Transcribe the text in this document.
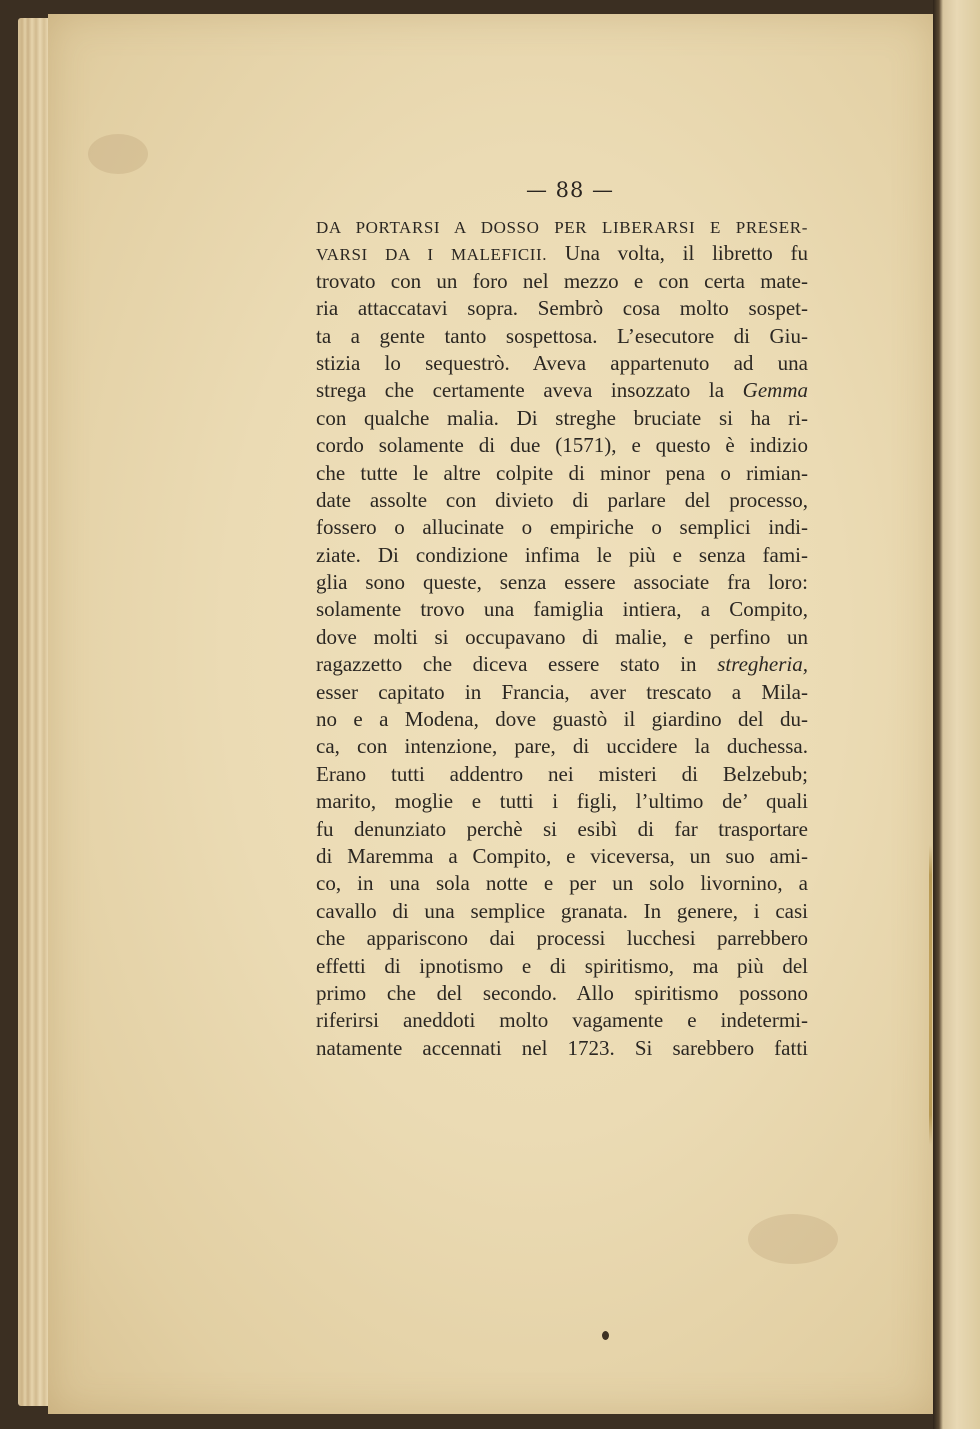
— 88 —
DA PORTARSI A DOSSO PER LIBERARSI E PRESER-
VARSI DA I MALEFICII. Una volta, il libretto fu
trovato con un foro nel mezzo e con certa mate-
ria attaccatavi sopra. Sembrò cosa molto sospet-
ta a gente tanto sospettosa. L’esecutore di Giu-
stizia lo sequestrò. Aveva appartenuto ad una
strega che certamente aveva insozzato la Gemma
con qualche malia. Di streghe bruciate si ha ri-
cordo solamente di due (1571), e questo è indizio
che tutte le altre colpite di minor pena o rimian-
date assolte con divieto di parlare del processo,
fossero o allucinate o empiriche o semplici indi-
ziate. Di condizione infima le più e senza fami-
glia sono queste, senza essere associate fra loro:
solamente trovo una famiglia intiera, a Compito,
dove molti si occupavano di malie, e perfino un
ragazzetto che diceva essere stato in stregheria,
esser capitato in Francia, aver trescato a Mila-
no e a Modena, dove guastò il giardino del du-
ca, con intenzione, pare, di uccidere la duchessa.
Erano tutti addentro nei misteri di Belzebub;
marito, moglie e tutti i figli, l’ultimo de’ quali
fu denunziato perchè si esibì di far trasportare
di Maremma a Compito, e viceversa, un suo ami-
co, in una sola notte e per un solo livornino, a
cavallo di una semplice granata. In genere, i casi
che appariscono dai processi lucchesi parrebbero
effetti di ipnotismo e di spiritismo, ma più del
primo che del secondo. Allo spiritismo possono
riferirsi aneddoti molto vagamente e indetermi-
natamente accennati nel 1723. Si sarebbero fatti
